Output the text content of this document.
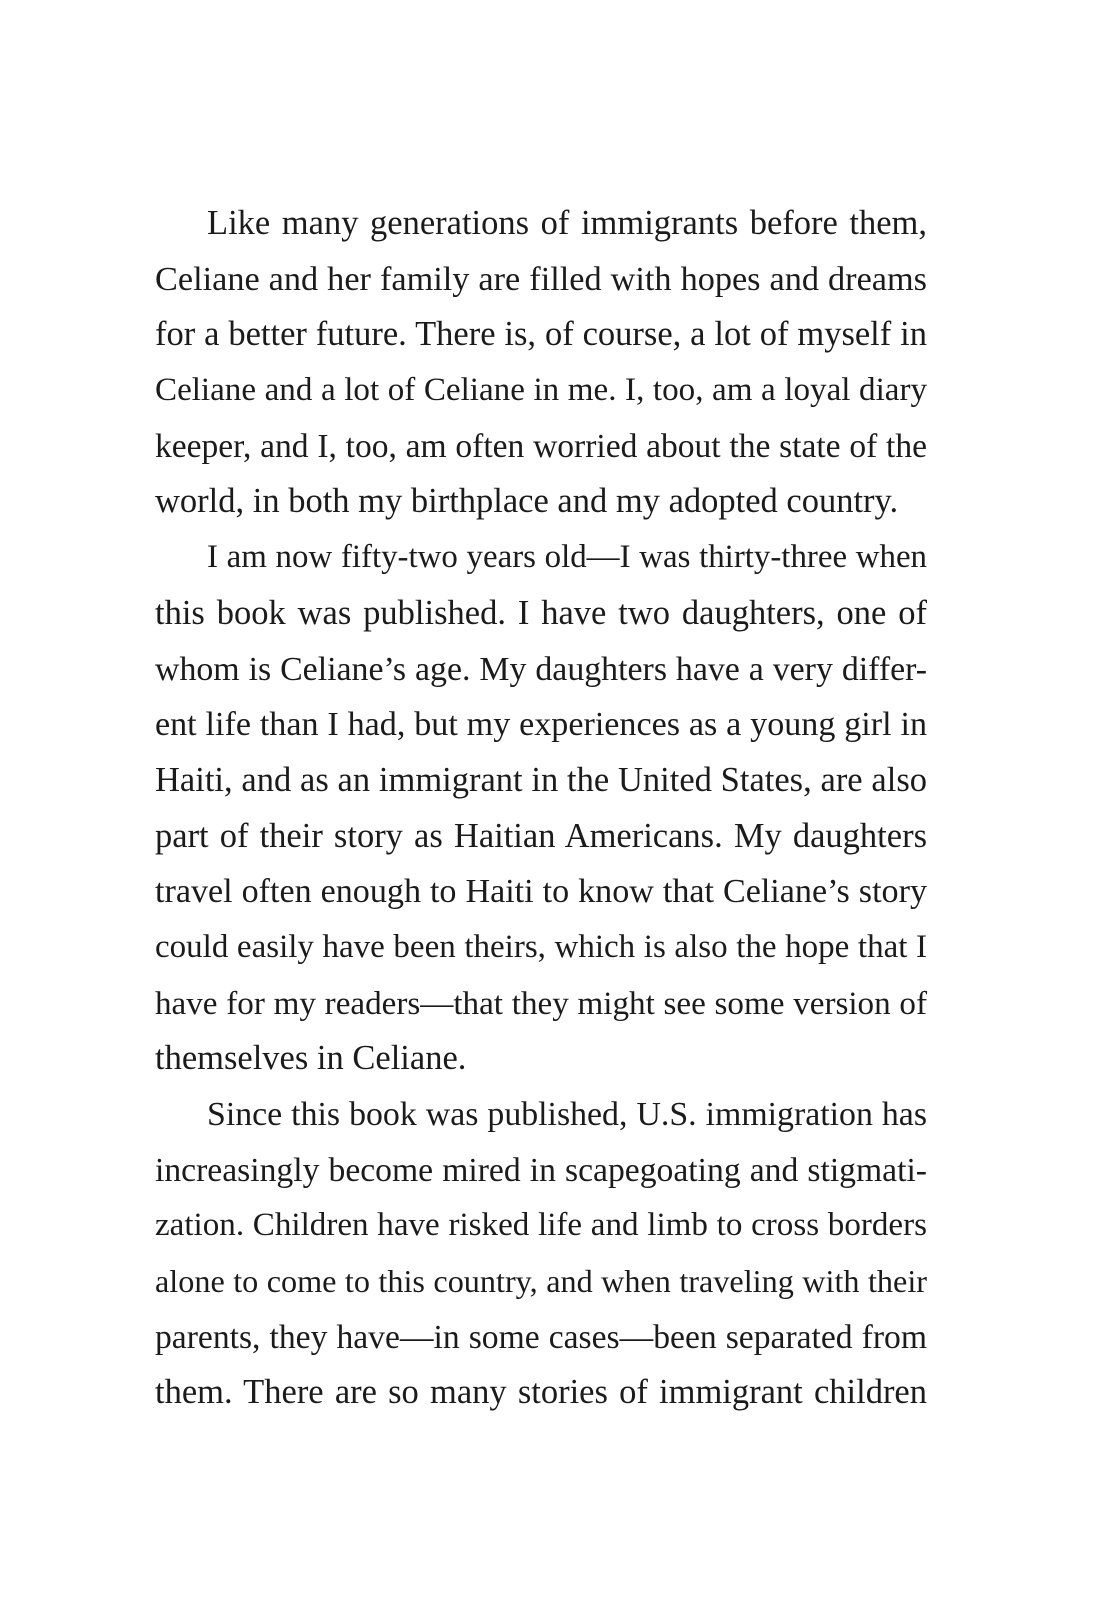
Like many generations of immigrants before them,
Celiane and her family are filled with hopes and dreams
for a better future. There is, of course, a lot of myself in
Celiane and a lot of Celiane in me. I, too, am a loyal diary
keeper, and I, too, am often worried about the state of the
world, in both my birthplace and my adopted country.

I am now fifty-two years old—I was thirty-three when
this book was published. I have two daughters, one of
whom is Celiane’s age. My daughters have a very differ-
ent life than I had, but my experiences as a young girl in
Haiti, and as an immigrant in the United States, are also
part of their story as Haitian Americans. My daughters
travel often enough to Haiti to know that Celiane’s story
could easily have been theirs, which is also the hope that I
have for my readers—that they might see some version of
themselves in Celiane.

Since this book was published, U.S. immigration has
increasingly become mired in scapegoating and stigmati-
zation. Children have risked life and limb to cross borders
alone to come to this country, and when traveling with their
parents, they have—in some cases—been separated from
them. There are so many stories of immigrant children
